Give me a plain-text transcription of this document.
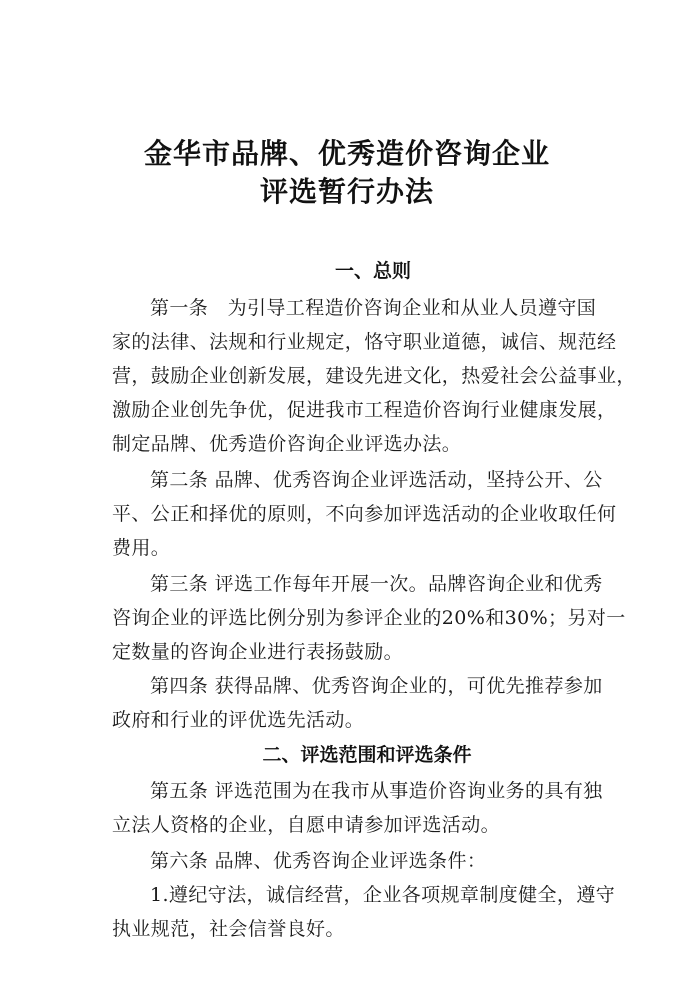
金华市品牌、优秀造价咨询企业
评选暂行办法
一、总则
第一条　为引导工程造价咨询企业和从业人员遵守国
家的法律、法规和行业规定，恪守职业道德，诚信、规范经
营，鼓励企业创新发展，建设先进文化，热爱社会公益事业，
激励企业创先争优，促进我市工程造价咨询行业健康发展，
制定品牌、优秀造价咨询企业评选办法。
第二条 品牌、优秀咨询企业评选活动，坚持公开、公
平、公正和择优的原则，不向参加评选活动的企业收取任何
费用。
第三条 评选工作每年开展一次。品牌咨询企业和优秀
咨询企业的评选比例分别为参评企业的20%和30%；另对一
定数量的咨询企业进行表扬鼓励。
第四条 获得品牌、优秀咨询企业的，可优先推荐参加
政府和行业的评优选先活动。
二、评选范围和评选条件
第五条 评选范围为在我市从事造价咨询业务的具有独
立法人资格的企业，自愿申请参加评选活动。
第六条 品牌、优秀咨询企业评选条件：
1.遵纪守法，诚信经营，企业各项规章制度健全，遵守
执业规范，社会信誉良好。
